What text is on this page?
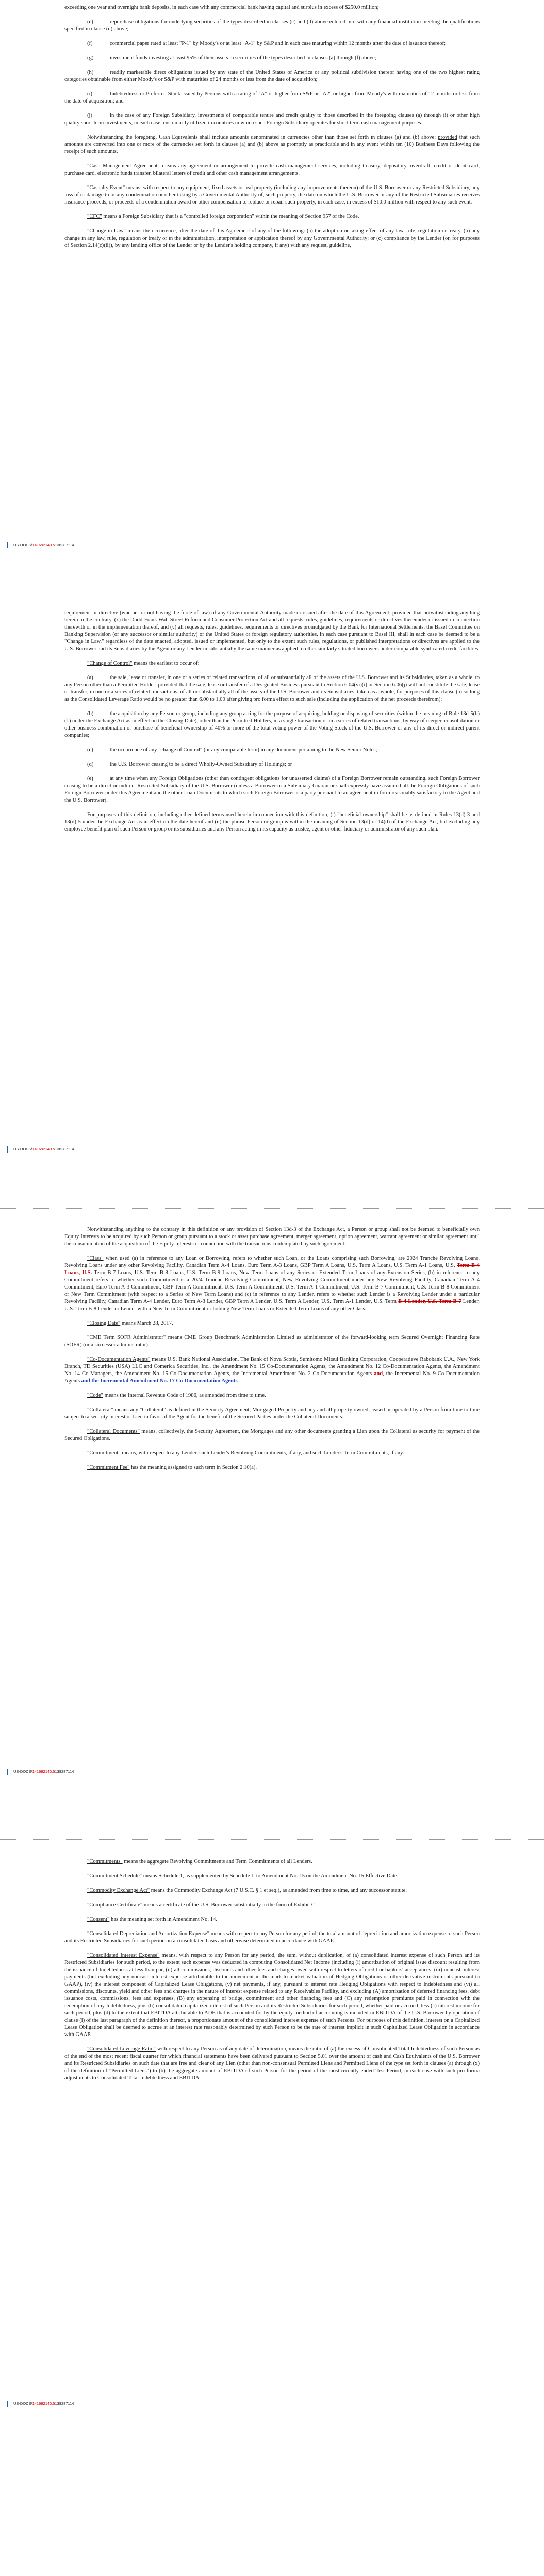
exceeding one year and overnight bank deposits, in each case with any commercial bank having capital and surplus in excess of $250.0 million;

(e)	repurchase obligations for underlying securities of the types described in clauses (c) and (d) above entered into with any financial institution meeting the qualifications specified in clause (d) above;

(f)	commercial paper rated at least "P-1" by Moody's or at least "A-1" by S&P and in each case maturing within 12 months after the date of issuance thereof;

(g)	investment funds investing at least 95% of their assets in securities of the types described in clauses (a) through (f) above;

(h)	readily marketable direct obligations issued by any state of the United States of America or any political subdivision thereof having one of the two highest rating categories obtainable from either Moody's or S&P with maturities of 24 months or less from the date of acquisition;

(i)	Indebtedness or Preferred Stock issued by Persons with a rating of "A" or higher from S&P or "A2" or higher from Moody's with maturities of 12 months or less from the date of acquisition; and

(j)	in the case of any Foreign Subsidiary, investments of comparable tenure and credit quality to those described in the foregoing clauses (a) through (i) or other high quality short-term investments, in each case, customarily utilized in countries in which such Foreign Subsidiary operates for short-term cash management purposes.

Notwithstanding the foregoing, Cash Equivalents shall include amounts denominated in currencies other than those set forth in clauses (a) and (b) above; provided that such amounts are converted into one or more of the currencies set forth in clauses (a) and (b) above as promptly as practicable and in any event within ten (10) Business Days following the receipt of such amounts.

"Cash Management Agreement" means any agreement or arrangement to provide cash management services, including treasury, depository, overdraft, credit or debit card, purchase card, electronic funds transfer, bilateral letters of credit and other cash management arrangements.

"Casualty Event" means, with respect to any equipment, fixed assets or real property (including any improvements thereon) of the U.S. Borrower or any Restricted Subsidiary, any loss of or damage to or any condemnation or other taking by a Governmental Authority of, such property, the date on which the U.S. Borrower or any of the Restricted Subsidiaries receives insurance proceeds, or proceeds of a condemnation award or other compensation to replace or repair such property, in each case, in excess of $10.0 million with respect to any such event.

"CFC" means a Foreign Subsidiary that is a "controlled foreign corporation" within the meaning of Section 957 of the Code.

"Change in Law" means the occurrence, after the date of this Agreement of any of the following: (a) the adoption or taking effect of any law, rule, regulation or treaty, (b) any change in any law, rule, regulation or treaty or in the administration, interpretation or application thereof by any Governmental Authority; or (c) compliance by the Lender (or, for purposes of Section 2.14(c)(ii)), by any lending office of the Lender or by the Lender's holding company, if any) with any request, guideline,

US-DOCS\141692140.5138287114

requirement or directive (whether or not having the force of law) of any Governmental Authority made or issued after the date of this Agreement; provided that notwithstanding anything herein to the contrary, (x) the Dodd-Frank Wall Street Reform and Consumer Protection Act and all requests, rules, guidelines, requirements or directives thereunder or issued in connection therewith or in the implementation thereof, and (y) all requests, rules, guidelines, requirements or directives promulgated by the Bank for International Settlements, the Basel Committee on Banking Supervision (or any successor or similar authority) or the United States or foreign regulatory authorities, in each case pursuant to Basel III, shall in each case be deemed to be a "Change in Law," regardless of the date enacted, adopted, issued or implemented, but only to the extent such rules, regulations, or published interpretations or directives are applied to the U.S. Borrower and its Subsidiaries by the Agent or any Lender in substantially the same manner as applied to other similarly situated borrowers under comparable syndicated credit facilities.

"Change of Control" means the earliest to occur of:

(a)	the sale, lease or transfer, in one or a series of related transactions, of all or substantially all of the assets of the U.S. Borrower and its Subsidiaries, taken as a whole, to any Person other than a Permitted Holder; provided that the sale, lease or transfer of a Designated Business pursuant to Section 6.04(vi)(i) or Section 6.06(j) will not constitute the sale, lease or transfer, in one or a series of related transactions, of all or substantially all of the assets of the U.S. Borrower and its Subsidiaries, taken as a whole, for purposes of this clause (a) so long as the Consolidated Leverage Ratio would be no greater than 6.00 to 1.00 after giving pro forma effect to such sale (including the application of the net proceeds therefrom);

(b)	the acquisition by any Person or group, including any group acting for the purpose of acquiring, holding or disposing of securities (within the meaning of Rule 13d-5(b)(1) under the Exchange Act as in effect on the Closing Date), other than the Permitted Holders, in a single transaction or in a series of related transactions, by way of merger, consolidation or other business combination or purchase of beneficial ownership of 40% or more of the total voting power of the Voting Stock of the U.S. Borrower or any of its direct or indirect parent companies;

(c)	the occurrence of any "change of Control" (or any comparable term) in any document pertaining to the New Senior Notes;

(d)	the U.S. Borrower ceasing to be a direct Wholly-Owned Subsidiary of Holdings; or

(e)	at any time when any Foreign Obligations (other than contingent obligations for unasserted claims) of a Foreign Borrower remain outstanding, such Foreign Borrower ceasing to be a direct or indirect Restricted Subsidiary of the U.S. Borrower (unless a Borrower or a Subsidiary Guarantor shall expressly have assumed all the Foreign Obligations of such Foreign Borrower under this Agreement and the other Loan Documents to which such Foreign Borrower is a party pursuant to an agreement in form reasonably satisfactory to the Agent and the U.S. Borrower).

For purposes of this definition, including other defined terms used herein in connection with this definition, (i) "beneficial ownership" shall be as defined in Rules 13(d)-3 and 13(d)-5 under the Exchange Act as in effect on the date hereof and (ii) the phrase Person or group is within the meaning of Section 13(d) or 14(d) of the Exchange Act, but excluding any employee benefit plan of such Person or group or its subsidiaries and any Person acting in its capacity as trustee, agent or other fiduciary or administrator of any such plan.

US-DOCS\141692140.5138287114

Notwithstanding anything to the contrary in this definition or any provision of Section 13d-3 of the Exchange Act, a Person or group shall not be deemed to beneficially own Equity Interests to be acquired by such Person or group pursuant to a stock or asset purchase agreement, merger agreement, option agreement, warrant agreement or similar agreement until the consummation of the acquisition of the Equity Interests in connection with the transactions contemplated by such agreement.

"Class" when used (a) in reference to any Loan or Borrowing, refers to whether such Loan, or the Loans comprising such Borrowing, are 2024 Tranche Revolving Loans, Revolving Loans under any other Revolving Facility, Canadian Term A-4 Loans, Euro Term A-3 Loans, GBP Term A Loans, U.S. Term A Loans, U.S. Term A-1 Loans, U.S. Term B-4 Loans, U.S. Term B-7 Loans, U.S. Term B-8 Loans, U.S. Term B-9 Loans, New Term Loans of any Series or Extended Term Loans of any Extension Series, (b) in reference to any Commitment refers to whether such Commitment is a 2024 Tranche Revolving Commitment, New Revolving Commitment under any New Revolving Facility, Canadian Term A-4 Commitment, Euro Term A-3 Commitment, GBP Term A Commitment, U.S. Term A Commitment, U.S. Term A-1 Commitment, U.S. Term B-7 Commitment, U.S. Term B-8 Commitment or New Term Commitment (with respect to a Series of New Term Loans) and (c) in reference to any Lender, refers to whether such Lender is a Revolving Lender under a particular Revolving Facility, Canadian Term A-4 Lender, Euro Term A-3 Lender, GBP Term A Lender, U.S. Term A Lender, U.S. Term A-1 Lender, U.S. Term B-4 Lender, U.S. Term B-7 Lender, U.S. Term B-8 Lender or Lender with a New Term Commitment or holding New Term Loans or Extended Term Loans of any other Class.

"Closing Date" means March 28, 2017.

"CME Term SOFR Administrator" means CME Group Benchmark Administration Limited as administrator of the forward-looking term Secured Overnight Financing Rate (SOFR) (or a successor administrator).

"Co-Documentation Agents" means U.S. Bank National Association, The Bank of Nova Scotia, Sumitomo Mitsui Banking Corporation, Cooperatieve Rabobank U.A., New York Branch, TD Securities (USA) LLC and Comerica Securities, Inc., the Amendment No. 15 Co-Documentation Agents, the Amendment No. 12 Co-Documentation Agents, the Amendment No. 14 Co-Managers, the Amendment No. 15 Co-Documentation Agents, the Incremental Amendment No. 2 Co-Documentation Agents and, the Incremental No. 9 Co-Documentation Agents and the Incremental Amendment No. 17 Co-Documentation Agents.

"Code" means the Internal Revenue Code of 1986, as amended from time to time.

"Collateral" means any "Collateral" as defined in the Security Agreement, Mortgaged Property and any and all property owned, leased or operated by a Person from time to time subject to a security interest or Lien in favor of the Agent for the benefit of the Secured Parties under the Collateral Documents.

"Collateral Documents" means, collectively, the Security Agreement, the Mortgages and any other documents granting a Lien upon the Collateral as security for payment of the Secured Obligations.

"Commitment" means, with respect to any Lender, such Lender's Revolving Commitments, if any, and such Lender's Term Commitments, if any.

"Commitment Fee" has the meaning assigned to such term in Section 2.10(a).

US-DOCS\141692140.5138287114

"Commitments" means the aggregate Revolving Commitments and Term Commitments of all Lenders.

"Commitment Schedule" means Schedule 1, as supplemented by Schedule II to Amendment No. 15 on the Amendment No. 15 Effective Date.

"Commodity Exchange Act" means the Commodity Exchange Act (7 U.S.C. § 1 et seq.), as amended from time to time, and any successor statute.

"Compliance Certificate" means a certificate of the U.S. Borrower substantially in the form of Exhibit C.

"Consent" has the meaning set forth in Amendment No. 14.

"Consolidated Depreciation and Amortization Expense" means with respect to any Person for any period, the total amount of depreciation and amortization expense of such Person and its Restricted Subsidiaries for such period on a consolidated basis and otherwise determined in accordance with GAAP.

"Consolidated Interest Expense" means, with respect to any Person for any period, the sum, without duplication, of (a) consolidated interest expense of such Person and its Restricted Subsidiaries for such period, to the extent such expense was deducted in computing Consolidated Net Income (including (i) amortization of original issue discount resulting from the issuance of Indebtedness at less than par, (ii) all commissions, discounts and other fees and charges owed with respect to letters of credit or bankers' acceptances, (iii) noncash interest payments (but excluding any noncash interest expense attributable to the movement in the mark-to-market valuation of Hedging Obligations or other derivative instruments pursuant to GAAP), (iv) the interest component of Capitalized Lease Obligations, (v) net payments, if any, pursuant to interest rate Hedging Obligations with respect to Indebtedness and (vi) all commissions, discounts, yield and other fees and charges in the nature of interest expense related to any Receivables Facility, and excluding (A) amortization of deferred financing fees, debt issuance costs, commissions, fees and expenses, (B) any expensing of bridge, commitment and other financing fees and (C) any redemption premiums paid in connection with the redemption of any Indebtedness, plus (b) consolidated capitalized interest of such Person and its Restricted Subsidiaries for such period, whether paid or accrued, less (c) interest income for such period, plus (d) to the extent that EBITDA attributable to ADE that is accounted for by the equity method of accounting is included in EBITDA of the U.S. Borrower by operation of clause (i) of the last paragraph of the definition thereof, a proportionate amount of the consolidated interest expense of such Persons. For purposes of this definition, interest on a Capitalized Lease Obligation shall be deemed to accrue at an interest rate reasonably determined by such Person to be the rate of interest implicit in such Capitalized Lease Obligation in accordance with GAAP.

"Consolidated Leverage Ratio" with respect to any Person as of any date of determination, means the ratio of (a) the excess of Consolidated Total Indebtedness of such Person as of the end of the most recent fiscal quarter for which financial statements have been delivered pursuant to Section 5.01 over the amount of cash and Cash Equivalents of the U.S. Borrower and its Restricted Subsidiaries on such date that are free and clear of any Lien (other than non-consensual Permitted Liens and Permitted Liens of the type set forth in clauses (a) through (x) of the definition of "Permitted Liens") to (b) the aggregate amount of EBITDA of such Person for the period of the most recently ended Test Period, in each case with such pro forma adjustments to Consolidated Total Indebtedness and EBITDA

US-DOCS\141692140.5138287114
